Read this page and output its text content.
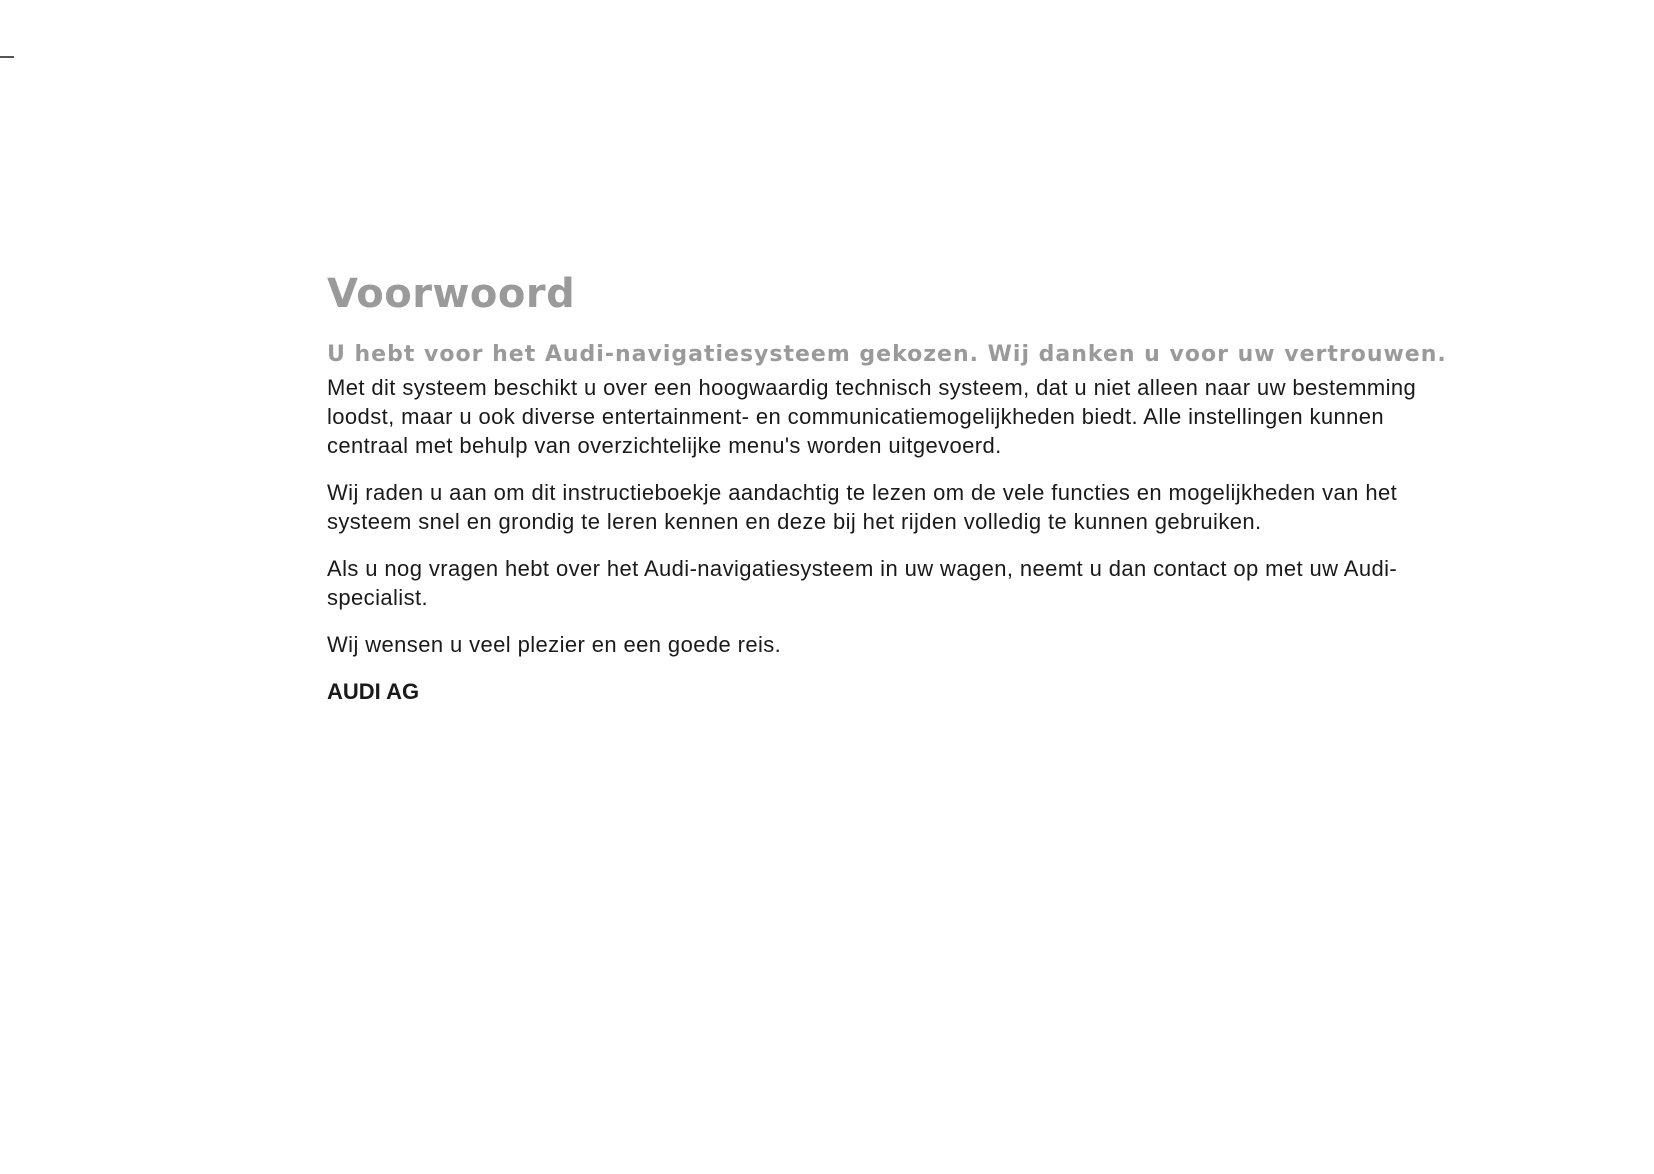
Voorwoord

U hebt voor het Audi-navigatiesysteem gekozen. Wij danken u voor uw vertrouwen.

Met dit systeem beschikt u over een hoogwaardig technisch systeem, dat u niet alleen naar uw bestemming loodst, maar u ook diverse entertainment- en communicatiemogelijkheden biedt. Alle instellingen kunnen centraal met behulp van overzichtelijke menu's worden uitgevoerd.

Wij raden u aan om dit instructieboekje aandachtig te lezen om de vele functies en mogelijkheden van het systeem snel en grondig te leren kennen en deze bij het rijden volledig te kunnen gebruiken.

Als u nog vragen hebt over het Audi-navigatiesysteem in uw wagen, neemt u dan contact op met uw Audi-specialist.

Wij wensen u veel plezier en een goede reis.

AUDI AG
